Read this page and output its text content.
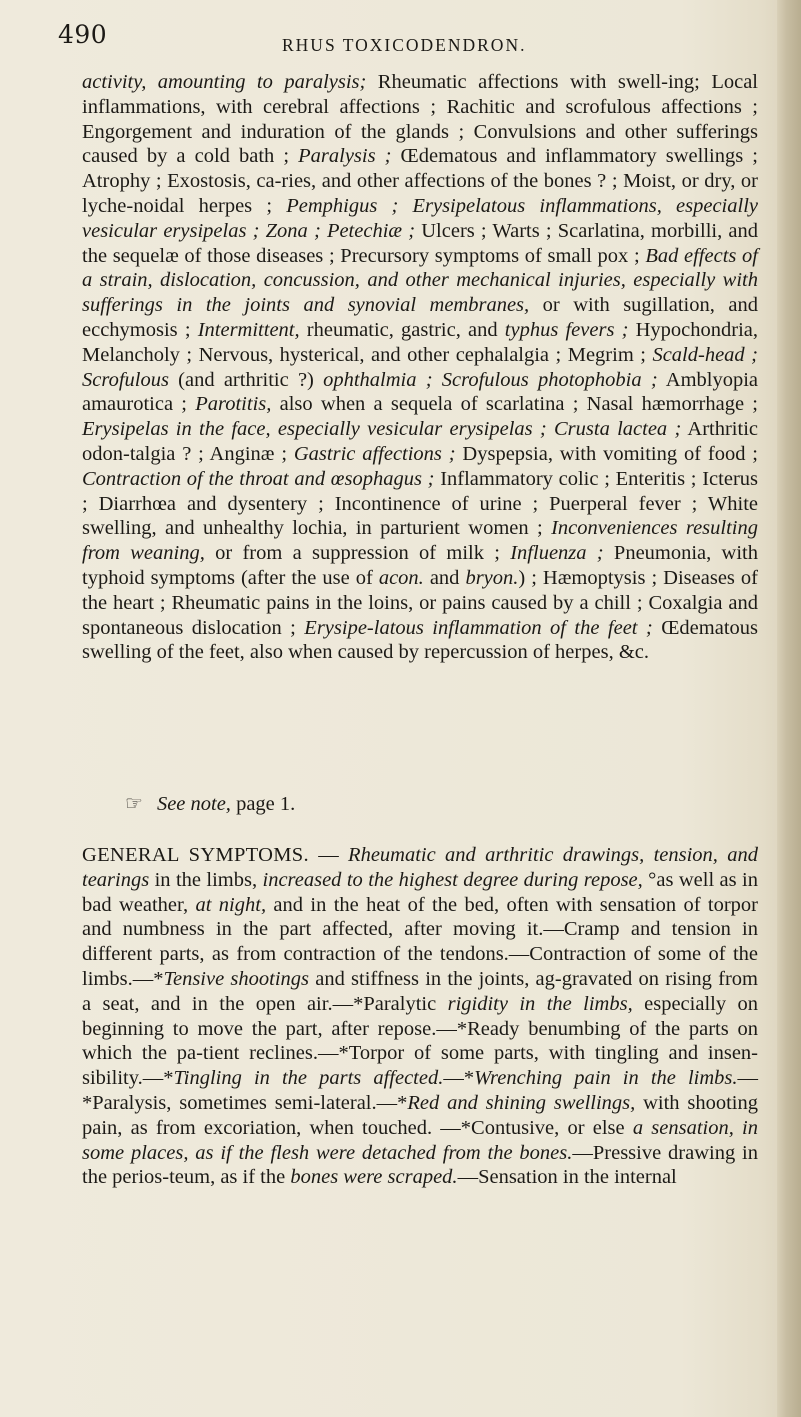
490	RHUS TOXICODENDRON.

activity, amounting to paralysis; Rheumatic affections with swell-ing; Local inflammations, with cerebral affections ; Rachitic and scrofulous affections ; Engorgement and induration of the glands ; Convulsions and other sufferings caused by a cold bath ; Paralysis ; Œdematous and inflammatory swellings ; Atrophy ; Exostosis, ca-ries, and other affections of the bones ? ; Moist, or dry, or lyche-noidal herpes ; Pemphigus ; Erysipelatous inflammations, especially vesicular erysipelas ; Zona ; Petechiæ ; Ulcers ; Warts ; Scarlatina, morbilli, and the sequelæ of those diseases ; Precursory symptoms of small pox ; Bad effects of a strain, dislocation, concussion, and other mechanical injuries, especially with sufferings in the joints and synovial membranes, or with sugillation, and ecchymosis ; Intermittent, rheumatic, gastric, and typhus fevers ; Hypochondria, Melancholy ; Nervous, hysterical, and other cephalalgia ; Megrim ; Scald-head ; Scrofulous (and arthritic ?) ophthalmia ; Scrofulous photophobia ; Amblyopia amaurotica ; Parotitis, also when a sequela of scarlatina ; Nasal hæmorrhage ; Erysipelas in the face, especially vesicular erysipelas ; Crusta lactea ; Arthritic odon-talgia ? ; Anginæ ; Gastric affections ; Dyspepsia, with vomiting of food ; Contraction of the throat and œsophagus ; Inflammatory colic ; Enteritis ; Icterus ; Diarrhœa and dysentery ; Incontinence of urine ; Puerperal fever ; White swelling, and unhealthy lochia, in parturient women ; Inconveniences resulting from weaning, or from a suppression of milk ; Influenza ; Pneumonia, with typhoid symptoms (after the use of acon. and bryon.) ; Hæmoptysis ; Diseases of the heart ; Rheumatic pains in the loins, or pains caused by a chill ; Coxalgia and spontaneous dislocation ; Erysipe-latous inflammation of the feet ; Œdematous swelling of the feet, also when caused by repercussion of herpes, &c.

☞ See note, page 1.

GENERAL SYMPTOMS. — Rheumatic and arthritic drawings, tension, and tearings in the limbs, increased to the highest degree during repose, °as well as in bad weather, at night, and in the heat of the bed, often with sensation of torpor and numbness in the part affected, after moving it.—Cramp and tension in different parts, as from contraction of the tendons.—Contraction of some of the limbs.—*Tensive shootings and stiffness in the joints, ag-gravated on rising from a seat, and in the open air.—*Paralytic rigidity in the limbs, especially on beginning to move the part, after repose.—*Ready benumbing of the parts on which the pa-tient reclines.—*Torpor of some parts, with tingling and insen-sibility.—*Tingling in the parts affected.—*Wrenching pain in the limbs.—*Paralysis, sometimes semi-lateral.—*Red and shining swellings, with shooting pain, as from excoriation, when touched. —*Contusive, or else a sensation, in some places, as if the flesh were detached from the bones.—Pressive drawing in the perios-teum, as if the bones were scraped.—Sensation in the internal
